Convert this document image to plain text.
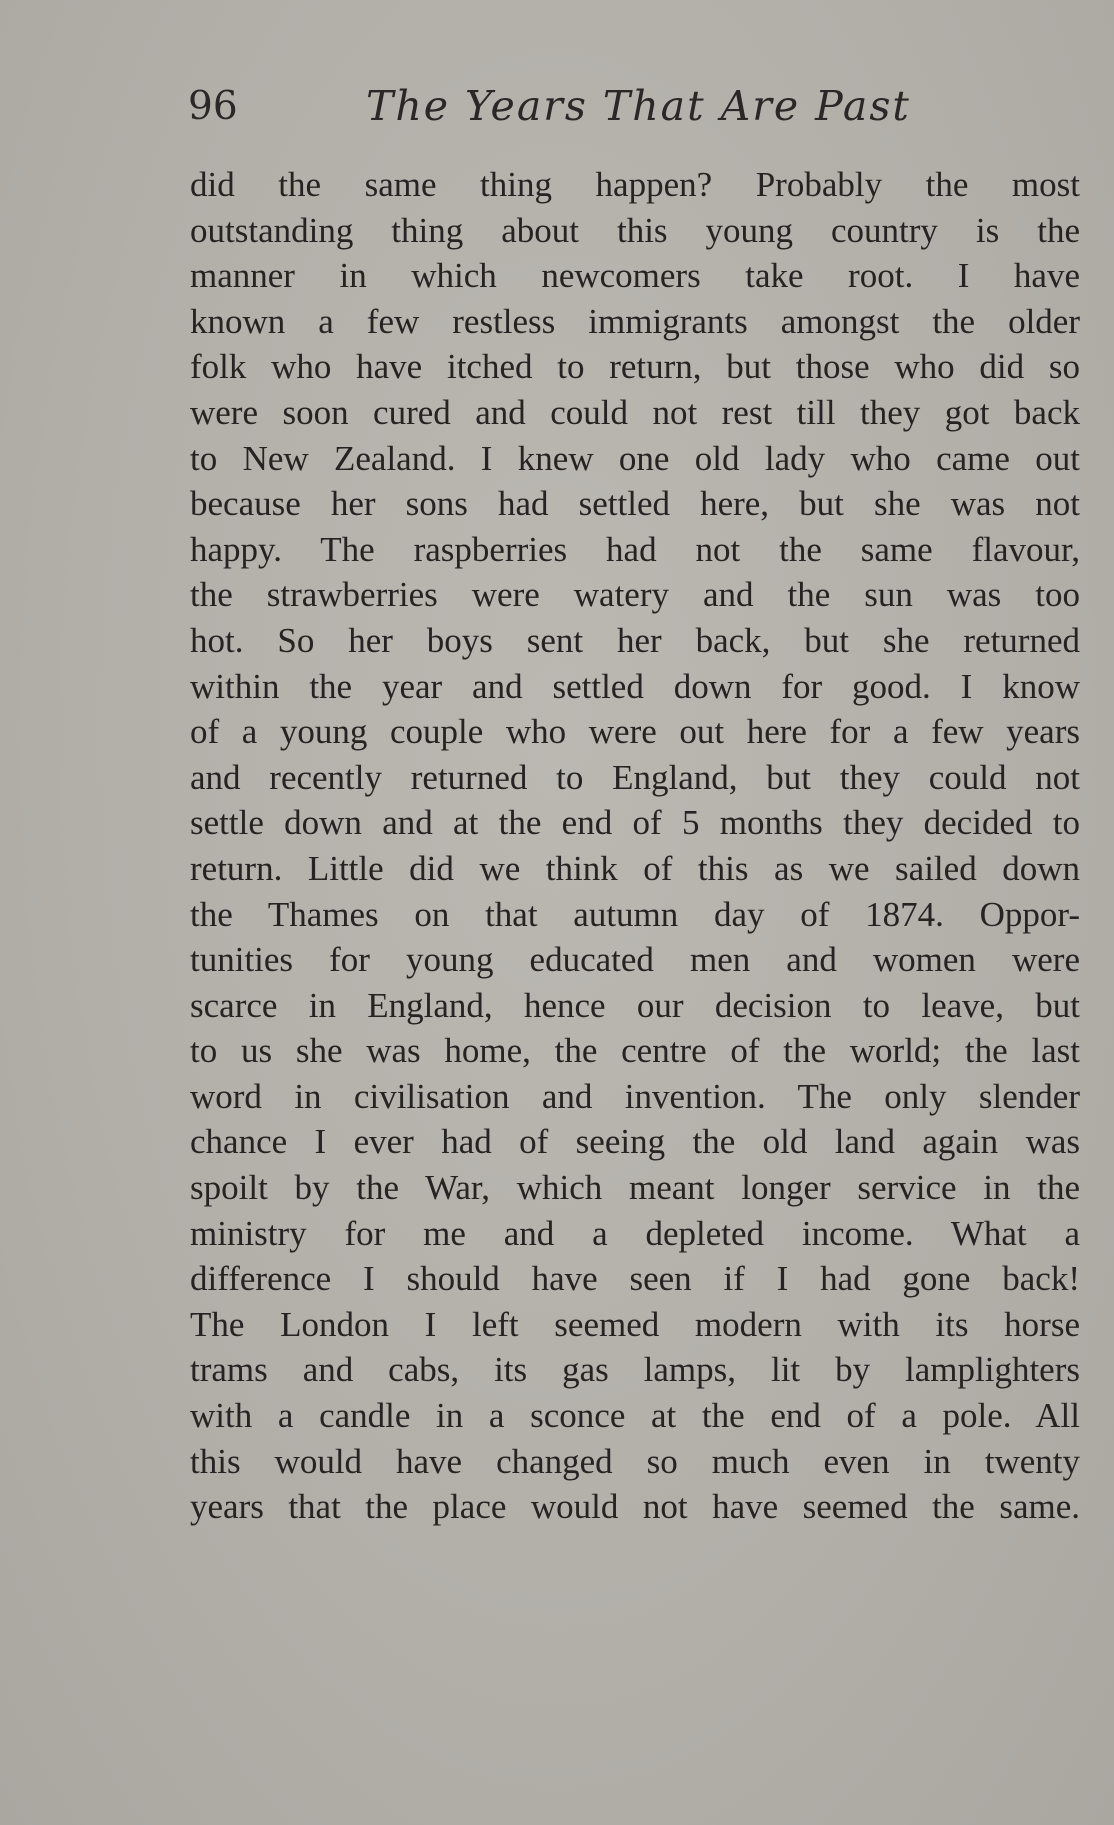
96	The Years That Are Past
did the same thing happen? Probably the most
outstanding thing about this young country is the
manner in which newcomers take root. I have
known a few restless immigrants amongst the older
folk who have itched to return, but those who did so
were soon cured and could not rest till they got back
to New Zealand. I knew one old lady who came out
because her sons had settled here, but she was not
happy. The raspberries had not the same flavour,
the strawberries were watery and the sun was too
hot. So her boys sent her back, but she returned
within the year and settled down for good. I know
of a young couple who were out here for a few years
and recently returned to England, but they could not
settle down and at the end of 5 months they decided to
return. Little did we think of this as we sailed down
the Thames on that autumn day of 1874. Oppor-
tunities for young educated men and women were
scarce in England, hence our decision to leave, but
to us she was home, the centre of the world; the last
word in civilisation and invention. The only slender
chance I ever had of seeing the old land again was
spoilt by the War, which meant longer service in the
ministry for me and a depleted income. What a
difference I should have seen if I had gone back!
The London I left seemed modern with its horse
trams and cabs, its gas lamps, lit by lamplighters
with a candle in a sconce at the end of a pole. All
this would have changed so much even in twenty
years that the place would not have seemed the same.
